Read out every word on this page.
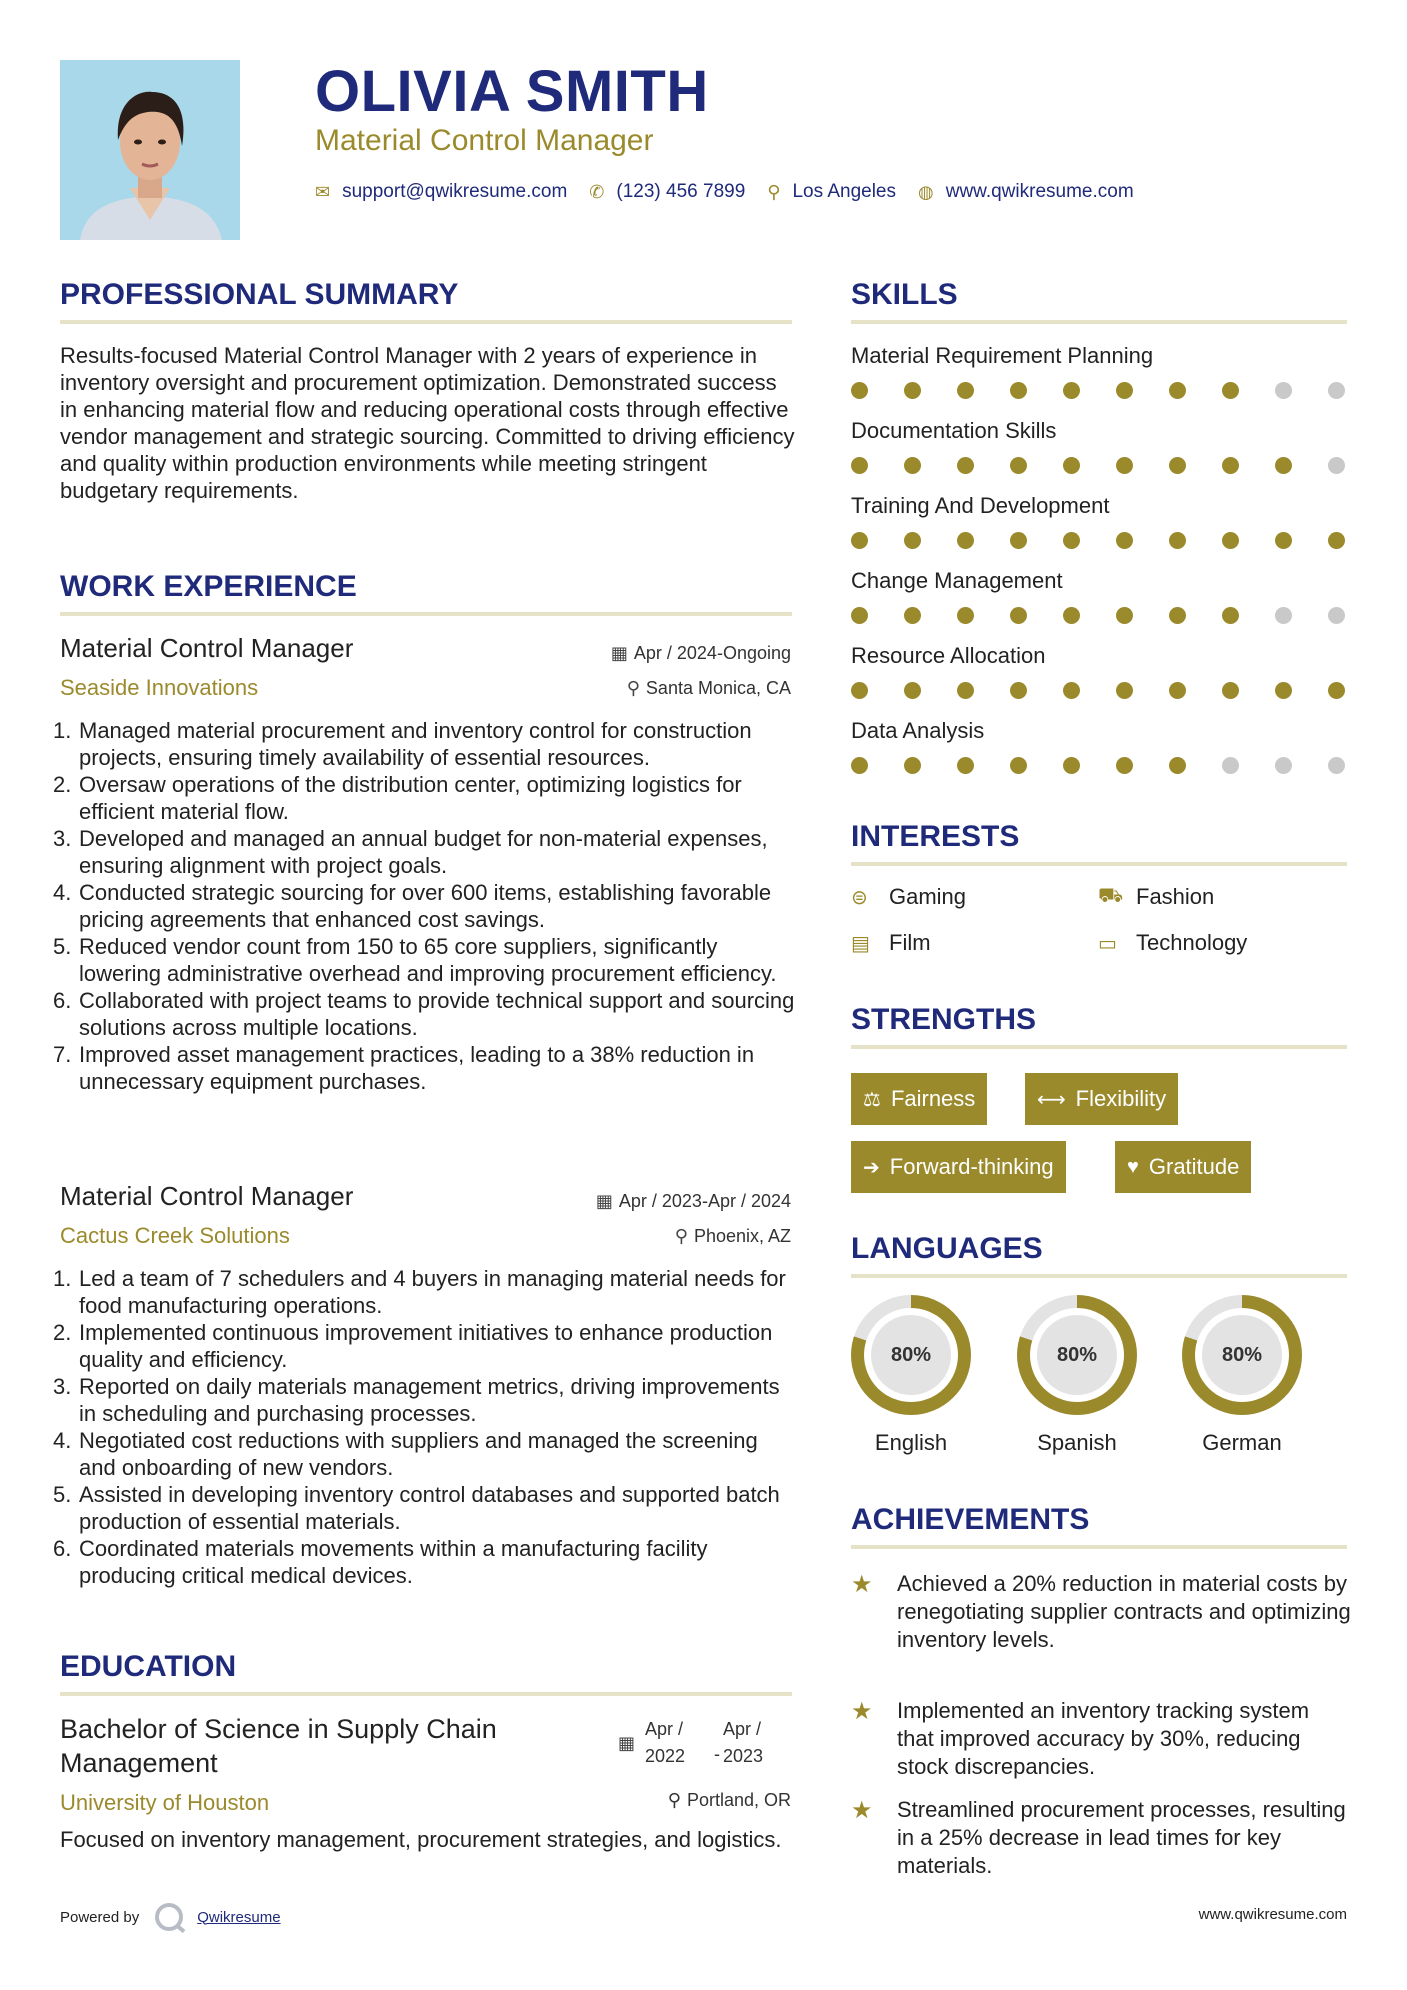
OLIVIA SMITH
Material Control Manager
✉ support@qwikresume.com ✆ (123) 456 7899 ⚲ Los Angeles ◍ www.qwikresume.com
PROFESSIONAL SUMMARY
Results-focused Material Control Manager with 2 years of experience in inventory oversight and procurement optimization. Demonstrated success in enhancing material flow and reducing operational costs through effective vendor management and strategic sourcing. Committed to driving efficiency and quality within production environments while meeting stringent budgetary requirements.
WORK EXPERIENCE
Material Control Manager	▦ Apr / 2024-Ongoing
Seaside Innovations	⚲ Santa Monica, CA
1. Managed material procurement and inventory control for construction projects, ensuring timely availability of essential resources.
2. Oversaw operations of the distribution center, optimizing logistics for efficient material flow.
3. Developed and managed an annual budget for non-material expenses, ensuring alignment with project goals.
4. Conducted strategic sourcing for over 600 items, establishing favorable pricing agreements that enhanced cost savings.
5. Reduced vendor count from 150 to 65 core suppliers, significantly lowering administrative overhead and improving procurement efficiency.
6. Collaborated with project teams to provide technical support and sourcing solutions across multiple locations.
7. Improved asset management practices, leading to a 38% reduction in unnecessary equipment purchases.
Material Control Manager	▦ Apr / 2023-Apr / 2024
Cactus Creek Solutions	⚲ Phoenix, AZ
1. Led a team of 7 schedulers and 4 buyers in managing material needs for food manufacturing operations.
2. Implemented continuous improvement initiatives to enhance production quality and efficiency.
3. Reported on daily materials management metrics, driving improvements in scheduling and purchasing processes.
4. Negotiated cost reductions with suppliers and managed the screening and onboarding of new vendors.
5. Assisted in developing inventory control databases and supported batch production of essential materials.
6. Coordinated materials movements within a manufacturing facility producing critical medical devices.
EDUCATION
Bachelor of Science in Supply Chain Management
▦
Apr /
2022 -
Apr /
2023
University of Houston	⚲ Portland, OR
Focused on inventory management, procurement strategies, and logistics.
Powered by	Qwikresume	www.qwikresume.com
SKILLS
Material Requirement Planning
Documentation Skills
Training And Development
Change Management
Resource Allocation
Data Analysis
INTERESTS
⊜ Gaming	⛟ Fashion
▤ Film	▭ Technology
STRENGTHS
⚖ Fairness	⟷ Flexibility
➔ Forward-thinking	♥ Gratitude
LANGUAGES
80%
English
80%
Spanish
80%
German
ACHIEVEMENTS
★	Achieved a 20% reduction in material costs by renegotiating supplier contracts and optimizing inventory levels.
★	Implemented an inventory tracking system that improved accuracy by 30%, reducing stock discrepancies.
★	Streamlined procurement processes, resulting in a 25% decrease in lead times for key materials.
